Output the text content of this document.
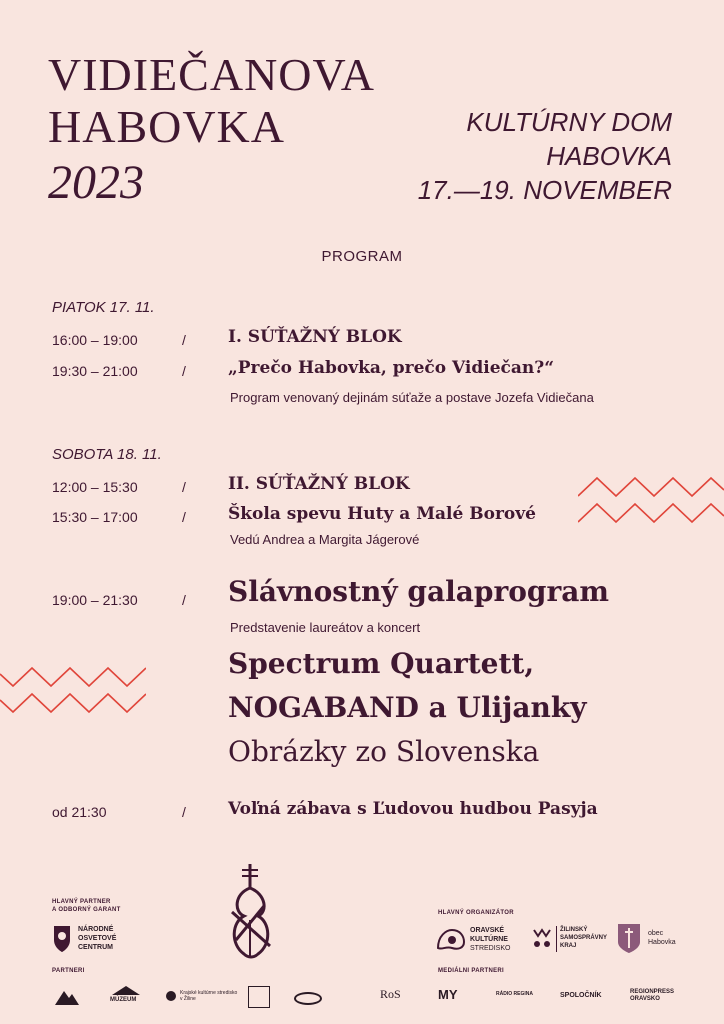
VIDIEČANOVA
HABOVKA
2023
KULTÚRNY DOM
HABOVKA
17.—19. NOVEMBER
PROGRAM
PIATOK 17. 11.
16:00 – 19:00	/ I. SÚŤAŽNÝ BLOK
19:30 – 21:00	/ „Prečo Habovka, prečo Vidiečan?“
Program venovaný dejinám súťaže a postave Jozefa Vidiečana
SOBOTA 18. 11.
12:00 – 15:30	/ II. SÚŤAŽNÝ BLOK
15:30 – 17:00	/ Škola spevu Huty a Malé Borové
Vedú Andrea a Margita Jágerové
19:00 – 21:30	/ Slávnostný galaprogram
Predstavenie laureátov a koncert
Spectrum Quartett,
NOGABAND a Ulijanky
Obrázky zo Slovenska
od 21:30	/ Voľná zábava s Ľudovou hudbou Pasyja
HLAVNÝ PARTNER
A ODBORNÝ GARANT
NÁRODNÉ
OSVETOVÉ
CENTRUM
HLAVNÝ ORGANIZÁTOR
ORAVSKÉ
KULTÚRNE
STREDISKO
ŽILINSKÝ
SAMOSPRÁVNY
KRAJ
obec
Habovka
PARTNERI	MEDIÁLNI PARTNERI
MÚZEUM
Krajské kultúrne stredisko v Žiline	RoS	MY	RÁDIO REGINA	SPOLOČNÍK	REGIONPRESS ORAVSKO
